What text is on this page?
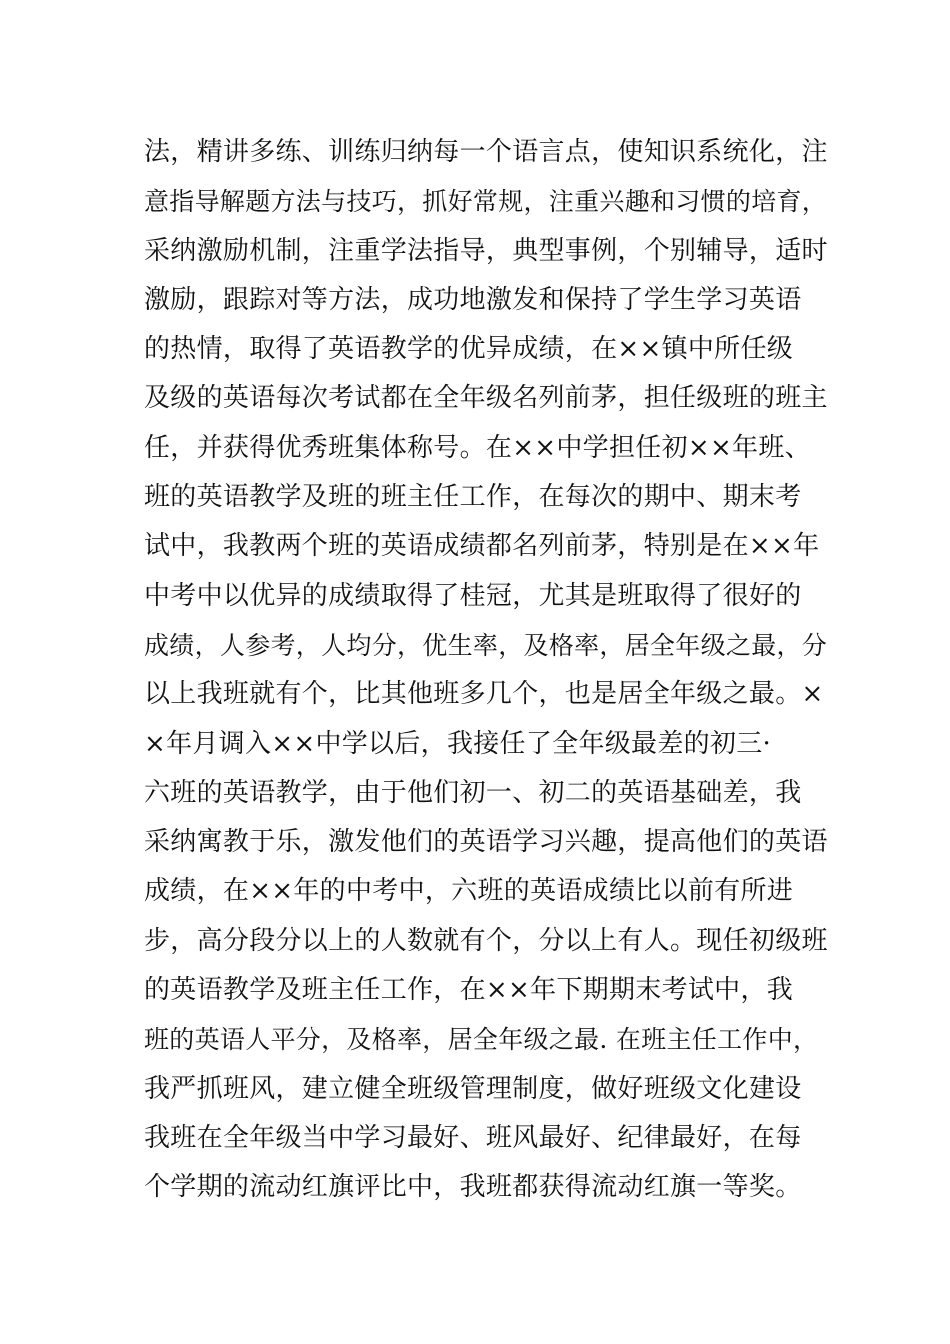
法，精讲多练、训练归纳每一个语言点，使知识系统化，注
意指导解题方法与技巧，抓好常规，注重兴趣和习惯的培育，
采纳激励机制，注重学法指导，典型事例，个别辅导，适时
激励，跟踪对等方法，成功地激发和保持了学生学习英语
的热情，取得了英语教学的优异成绩，在××镇中所任级
及级的英语每次考试都在全年级名列前茅，担任级班的班主
任，并获得优秀班集体称号。在××中学担任初××年班、
班的英语教学及班的班主任工作，在每次的期中、期末考
试中，我教两个班的英语成绩都名列前茅，特别是在××年
中考中以优异的成绩取得了桂冠，尤其是班取得了很好的
成绩，人参考，人均分，优生率，及格率，居全年级之最，分
以上我班就有个，比其他班多几个，也是居全年级之最。×
×年月调入××中学以后，我接任了全年级最差的初三·
六班的英语教学，由于他们初一、初二的英语基础差，我
采纳寓教于乐，激发他们的英语学习兴趣，提高他们的英语
成绩，在××年的中考中，六班的英语成绩比以前有所进
步，高分段分以上的人数就有个，分以上有人。现任初级班
的英语教学及班主任工作，在××年下期期末考试中，我
班的英语人平分，及格率，居全年级之最. 在班主任工作中，
我严抓班风，建立健全班级管理制度，做好班级文化建设
我班在全年级当中学习最好、班风最好、纪律最好，在每
个学期的流动红旗评比中，我班都获得流动红旗一等奖。
